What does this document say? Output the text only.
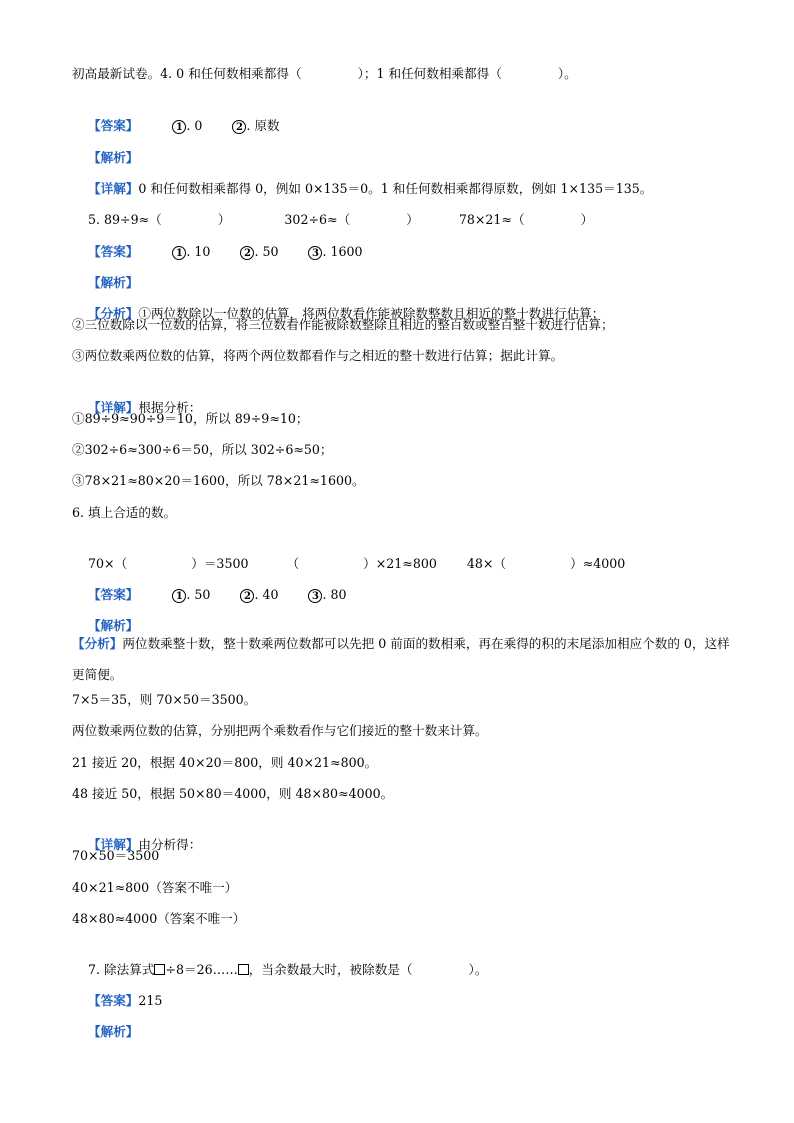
初高最新试卷。4. 0 和任何数相乘都得（              ）；1 和任何数相乘都得（              ）。

【答案】	1 . 0	2 . 原数

【解析】

【详解】0 和任何数相乘都得 0，例如 0×135＝0。1 和任何数相乘都得原数，例如 1×135＝135。

5. 89÷9≈（              ）	302÷6≈（              ）	78×21≈（              ）

【答案】	1 . 10	2 . 50	3 . 1600

【解析】

【分析】①两位数除以一位数的估算，将两位数看作能被除数整数且相近的整十数进行估算；

②三位数除以一位数的估算，将三位数看作能被除数整除且相近的整百数或整百整十数进行估算；
③两位数乘两位数的估算，将两个两位数都看作与之相近的整十数进行估算；据此计算。

【详解】根据分析：

①89÷9≈90÷9＝10，所以 89÷9≈10；
②302÷6≈300÷6＝50，所以 302÷6≈50；
③78×21≈80×20＝1600，所以 78×21≈1600。
6. 填上合适的数。

70×（                ）＝3500	（                ）×21≈800 48×（                ）≈4000

【答案】	1 . 50	2 . 40	3 . 80

【解析】

【分析】两位数乘整十数，整十数乘两位数都可以先把 0 前面的数相乘，再在乘得的积的末尾添加相应个数的 0，这样更简便。
7×5＝35，则 70×50＝3500。
两位数乘两位数的估算，分别把两个乘数看作与它们接近的整十数来计算。
21 接近 20，根据 40×20＝800，则 40×21≈800。
48 接近 50，根据 50×80＝4000，则 48×80≈4000。

【详解】由分析得：

70×50＝3500
40×21≈800（答案不唯一）
48×80≈4000（答案不唯一）

7. 除法算式 ÷8＝26…… ，当余数最大时，被除数是（              ）。

【答案】215

【解析】
